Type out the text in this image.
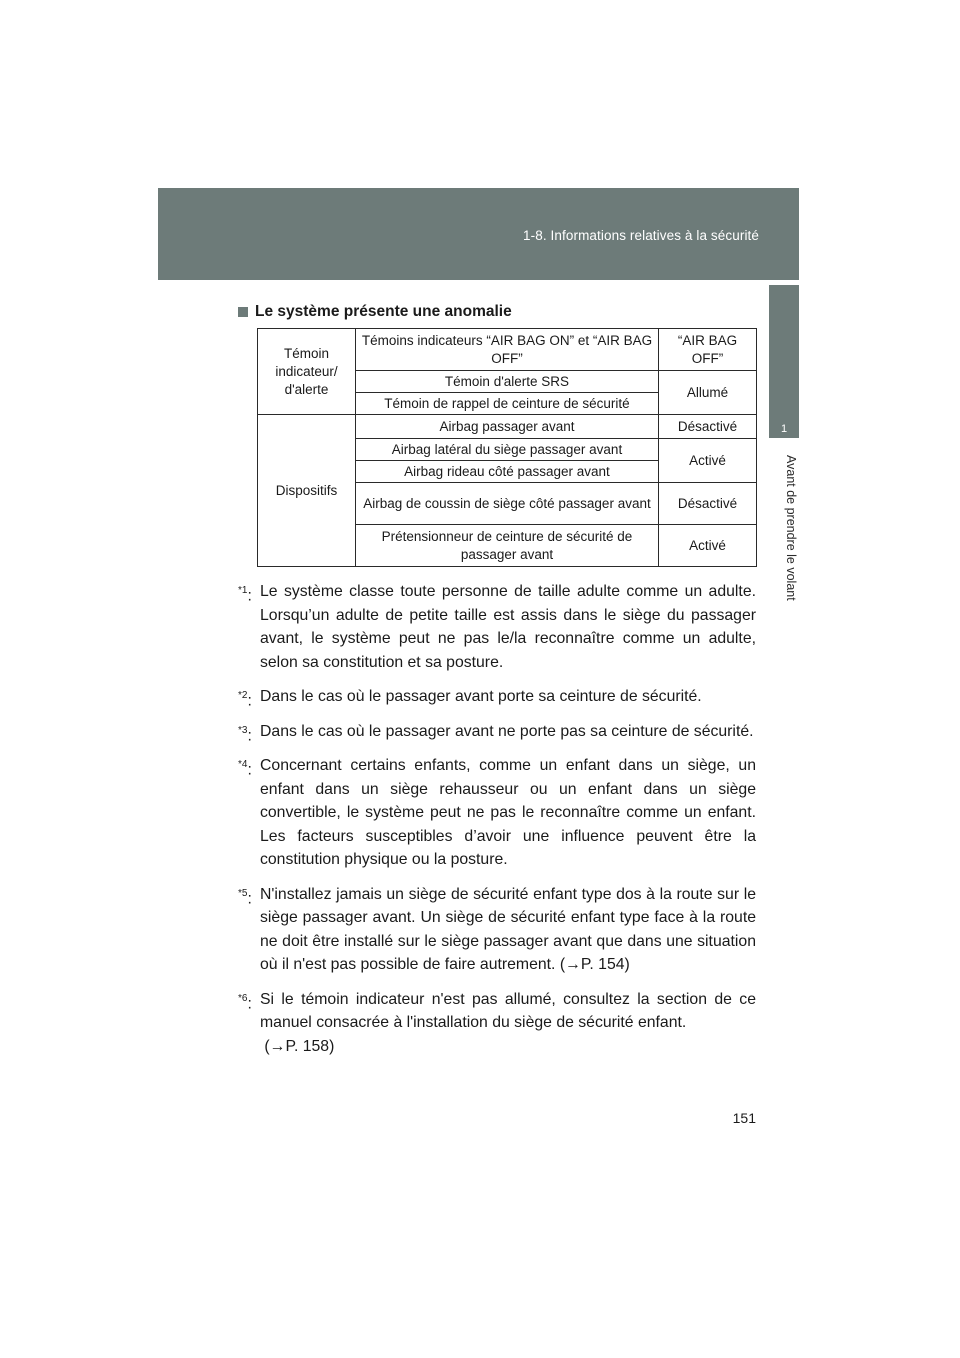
1-8. Informations relatives à la sécurité
1
Avant de prendre le volant
Le système présente une anomalie
Témoin indicateur/ d'alerte	Témoins indicateurs “AIR BAG ON” et “AIR BAG OFF”	“AIR BAG OFF”
	Témoin d'alerte SRS	Allumé
	Témoin de rappel de ceinture de sécurité	
Dispositifs	Airbag passager avant	Désactivé
	Airbag latéral du siège passager avant	Activé
	Airbag rideau côté passager avant	
	Airbag de coussin de siège côté passager avant	Désactivé
	Prétensionneur de ceinture de sécurité de passager avant	Activé
$^{*1}$: Le système classe toute personne de taille adulte comme un adulte. Lorsqu’un adulte de petite taille est assis dans le siège du passager avant, le système peut ne pas le/la reconnaître comme un adulte, selon sa constitution et sa posture.
$^{*2}$: Dans le cas où le passager avant porte sa ceinture de sécurité.
$^{*3}$: Dans le cas où le passager avant ne porte pas sa ceinture de sécurité.
$^{*4}$: Concernant certains enfants, comme un enfant dans un siège, un enfant dans un siège rehausseur ou un enfant dans un siège convertible, le système peut ne pas le reconnaître comme un enfant. Les facteurs susceptibles d’avoir une influence peuvent être la constitution physique ou la posture.
$^{*5}$: N'installez jamais un siège de sécurité enfant type dos à la route sur le siège passager avant. Un siège de sécurité enfant type face à la route ne doit être installé sur le siège passager avant que dans une situation où il n'est pas possible de faire autrement. (→P. 154)
$^{*6}$: Si le témoin indicateur n'est pas allumé, consultez la section de ce manuel consacrée à l'installation du siège de sécurité enfant.
(→P. 158)
151
